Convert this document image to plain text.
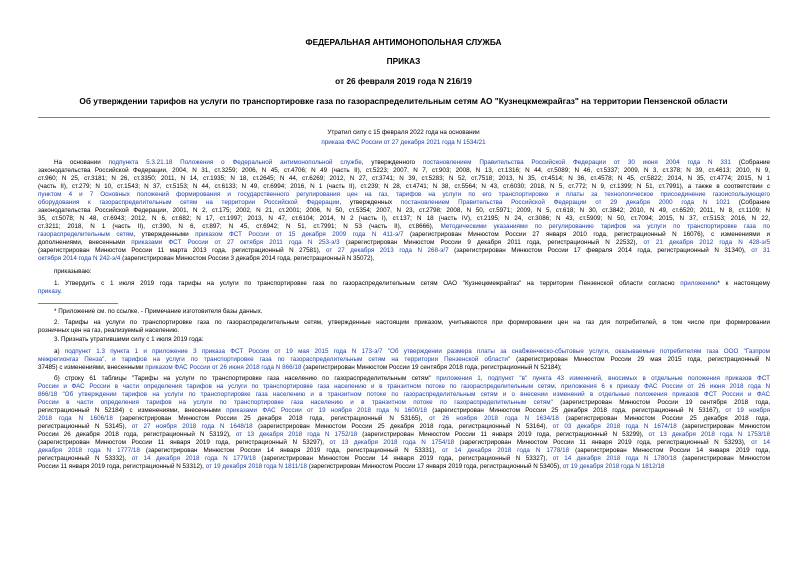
ФЕДЕРАЛЬНАЯ АНТИМОНОПОЛЬНАЯ СЛУЖБА
ПРИКАЗ
от 26 февраля 2019 года N 216/19
Об утверждении тарифов на услуги по транспортировке газа по газораспределительным сетям АО "Кузнецкмежрайгаз" на территории Пензенской области
Утратил силу с 15 февраля 2022 года на основании
приказа ФАС России от 27 декабря 2021 года N 1534/21
На основании подпункта 5.3.21.18 Положения о Федеральной антимонопольной службе, утвержденного постановлением Правительства Российской Федерации от 30 июня 2004 года N 331 (Собрание
законодательства Российской Федерации, 2004, N 31, ст.3259; 2006, N 45, ст.4706; N 49 (часть II), ст.5223; 2007, N 7, ст.903; 2008, N 13, ст.1316; N 44, ст.5089; N 46, ст.5337; 2009, N 3, ст.378; N 39, ст.4613; 2010, N 9,
ст.960; N 25, ст.3181; N 26, ст.3350; 2011, N 14, ст.1935; N 18, ст.2645; N 44, ст.6269; 2012, N 27, ст.3741; N 39, ст.5283; N 52, ст.7518; 2013, N 35, ст.4514; N 36, ст.4578; N 45, ст.5822; 2014, N 35, ст.4774; 2015, N 1
(часть II), ст.279; N 10, ст.1543; N 37, ст.5153; N 44, ст.6133; N 49, ст.6994; 2016, N 1 (часть II), ст.239; N 28, ст.4741; N 38, ст.5564; N 43, ст.6030; 2018, N 5, ст.772; N 9, ст.1399; N 51, ст.7991), а также в соответствии с
пунктом 4 и 7 Основных положений формирования и государственного регулирования цен на газ, тарифов на услуги по его транспортировке и платы за технологическое присоединение газоиспользующего
оборудования к газораспределительным сетям на территории Российской Федерации, утвержденных постановлением Правительства Российской Федерации от 29 декабря 2000 года N 1021 (Собрание
законодательства Российской Федерации, 2001, N 2, ст.175; 2002, N 21, ст.2001; 2006, N 50, ст.5354; 2007, N 23, ст.2798; 2008, N 50, ст.5971; 2009, N 5, ст.618; N 30, ст.3842; 2010, N 49, ст.6520; 2011, N 8, ст.1109; N
35, ст.5078; N 48, ст.6943; 2012, N 6, ст.682; N 17, ст.1997; 2013, N 47, ст.6104; 2014, N 2 (часть I), ст.137; N 18 (часть IV), ст.2195; N 24, ст.3086; N 43, ст.5909; N 50, ст.7094; 2015, N 37, ст.5153; 2016, N 22,
ст.3211; 2018, N 1 (часть II), ст.390, N 6, ст.897; N 45, ст.6942; N 51, ст.7991; N 53 (часть II), ст.8666), Методическими указаниями по регулированию тарифов на услуги по транспортировке газа по
газораспределительным сетям, утвержденными приказом ФСТ России от 15 декабря 2009 года N 411-э/7 (зарегистрирован Минюстом России 27 января 2010 года, регистрационный N 16076), с изменениями и
дополнениями, внесенными приказами ФСТ России от 27 октября 2011 года N 253-э/3 (зарегистрирован Минюстом России 9 декабря 2011 года, регистрационный N 22532), от 21 декабря 2012 года N 428-э/5
(зарегистрирован Минюстом России 11 марта 2013 года, регистрационный N 27581), от 27 декабря 2013 года N 268-э/7 (зарегистрирован Минюстом России 17 февраля 2014 года, регистрационный N 31340), от 31
октября 2014 года N 242-э/4 (зарегистрирован Минюстом России 3 декабря 2014 года, регистрационный N 35072),
приказываю:
1. Утвердить с 1 июля 2019 года тарифы на услуги по транспортировке газа по газораспределительным сетям ОАО "Кузнецкмежрайгаз" на территории Пензенской области согласно приложению* к настоящему
приказу.
* Приложение см. по ссылке. - Примечание изготовителя базы данных.
2. Тарифы на услуги по транспортировке газа по газораспределительным сетям, утвержденные настоящим приказом, учитываются при формировании цен на газ для потребителей, в том числе при формировании
розничных цен на газ, реализуемый населению.
3. Признать утратившими силу с 1 июля 2019 года:
а) подпункт 1.3 пункта 1 и приложение 3 приказа ФСТ России от 19 мая 2015 года N 173-э/7 "Об утверждении размера платы за снабженческо-сбытовые услуги, оказываемые потребителям газа ООО "Газпром
межрегионгаз Пенза", и тарифов на услуги по транспортировке газа по газораспределительным сетям на территории Пензенской области" (зарегистрирован Минюстом России 29 мая 2015 года, регистрационный N
37485) с изменениями, внесенными приказом ФАС России от 26 июня 2018 года N 866/18 (зарегистрирован Минюстом России 19 сентября 2018 года, регистрационный N 52184);
б) строку 61 таблицы "Тарифы на услуги по транспортировке газа населению по газораспределительным сетям" приложения 1, подпункт "в" пункта 43 изменений, вносимых в отдельные положения приказов ФСТ
России и ФАС России в части определения тарифов на услуги по транспортировке газа населению и в транзитном потоке по газораспределительным сетям, приложения 6 к приказу ФАС России от 26 июня 2018 года N
866/18 "Об утверждении тарифов на услуги по транспортировке газа населению и в транзитном потоке по газораспределительным сетям и о внесении изменений в отдельные положения приказов ФСТ России и ФАС
России в части определения тарифов на услуги по транспортировке газа населению и в транзитном потоке по газораспределительным сетям" (зарегистрирован Минюстом России 19 сентября 2018 года,
регистрационный N 52184) с изменениями, внесенными приказами ФАС России от 19 ноября 2018 года N 1600/18 (зарегистрирован Минюстом России 25 декабря 2018 года, регистрационный N 53167), от 19 ноября
2018 года N 1606/18 (зарегистрирован Минюстом России 25 декабря 2018 года, регистрационный N 53165), от 26 ноября 2018 года N 1634/18 (зарегистрирован Минюстом России 25 декабря 2018 года,
регистрационный N 53145), от 27 ноября 2018 года N 1648/18 (зарегистрирован Минюстом России 25 декабря 2018 года, регистрационный N 53164), от 03 декабря 2018 года N 1674/18 (зарегистрирован Минюстом
России 26 декабря 2018 года, регистрационный N 53192), от 13 декабря 2018 года N 1752/18 (зарегистрирован Минюстом России 11 января 2019 года, регистрационный N 53299), от 13 декабря 2018 года N 1753/18
(зарегистрирован Минюстом России 11 января 2019 года, регистрационный N 53297), от 13 декабря 2018 года N 1754/18 (зарегистрирован Минюстом России 11 января 2019 года, регистрационный N 53293), от 14
декабря 2018 года N 1777/18 (зарегистрирован Минюстом России 14 января 2019 года, регистрационный N 53331), от 14 декабря 2018 года N 1778/18 (зарегистрирован Минюстом России 14 января 2019 года,
регистрационный N 53332), от 14 декабря 2018 года N 1779/18 (зарегистрирован Минюстом России 14 января 2019 года, регистрационный N 53327), от 14 декабря 2018 года N 1780/18 (зарегистрирован Минюстом
России 11 января 2019 года, регистрационный N 53312), от 19 декабря 2018 года N 1811/18 (зарегистрирован Минюстом России 17 января 2019 года, регистрационный N 53405), от 19 декабря 2018 года N 1812/18
